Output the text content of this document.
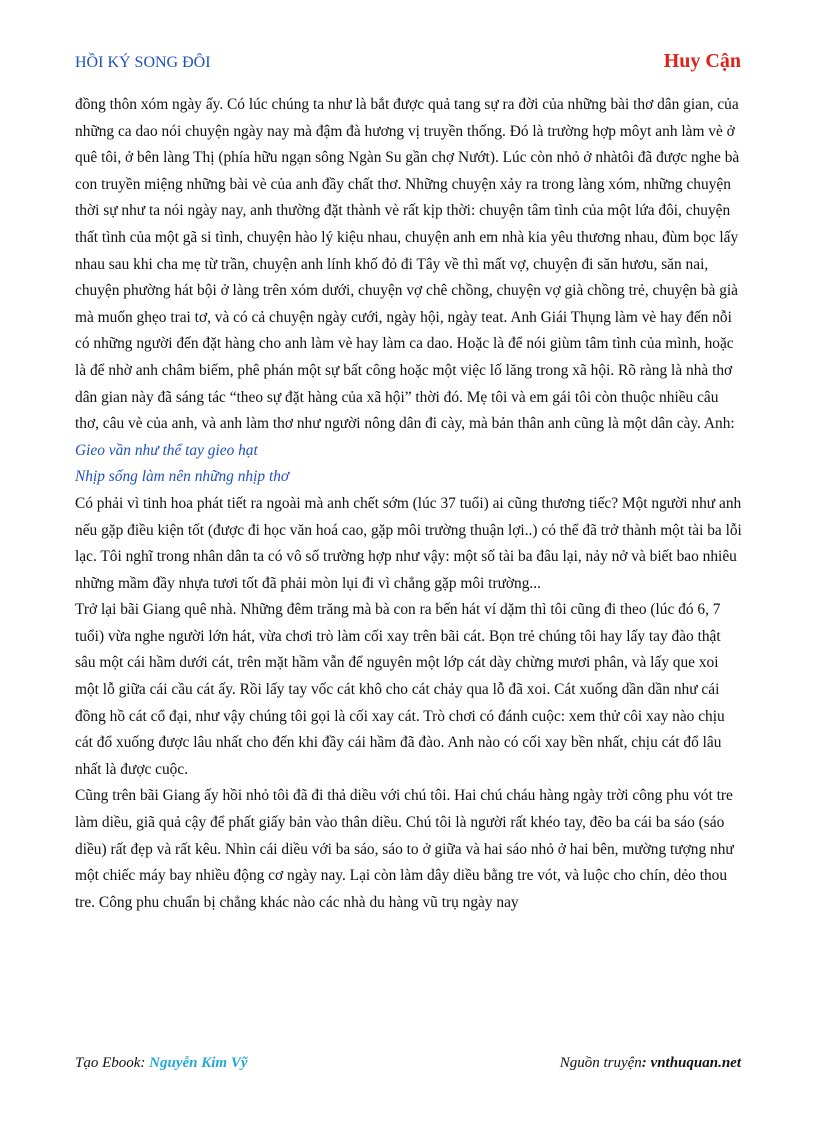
HỒI KÝ SONG ĐÔI	Huy Cận

đồng thôn xóm ngày ấy. Có lúc chúng ta như là bắt được quả tang sự ra đời của những bài thơ dân gian, của những ca dao nói chuyện ngày nay mà đậm đà hương vị truyền thống. Đó là trường hợp môyt anh làm vè ở quê tôi, ở bên làng Thị (phía hữu ngạn sông Ngàn Su gần chợ Nướt). Lúc còn nhỏ ở nhàtôi đã được nghe bà con truyền miệng những bài vè của anh đầy chất thơ. Những chuyện xảy ra trong làng xóm, những chuyện thời sự như ta nói ngày nay, anh thường đặt thành vè rất kịp thời: chuyện tâm tình của một lứa đôi, chuyện thất tình của một gã si tình, chuyện hào lý kiệu nhau, chuyện anh em nhà kia yêu thương nhau, đùm bọc lấy nhau sau khi cha mẹ từ trần, chuyện anh lính khố đỏ đi Tây về thì mất vợ, chuyện đi săn hươu, săn nai, chuyện phường hát bội ở làng trên xóm dưới, chuyện vợ chê chồng, chuyện vợ già chồng trẻ, chuyện bà già mà muốn ghẹo trai tơ, và có cả chuyện ngày cưới, ngày hội, ngày teat. Anh Giái Thụng làm vè hay đến nỗi có những người đến đặt hàng cho anh làm vè hay làm ca dao. Hoặc là để nói giùm tâm tình của mình, hoặc là để nhờ anh châm biếm, phê phán một sự bất công hoặc một việc lố lăng trong xã hội. Rõ ràng là nhà thơ dân gian này đã sáng tác “theo sự đặt hàng của xã hội” thời đó. Mẹ tôi và em gái tôi còn thuộc nhiều câu thơ, câu vè của anh, và anh làm thơ như người nông dân đi cày, mà bản thân anh cũng là một dân cày. Anh:

Gieo vần như thể tay gieo hạt

Nhịp sống làm nên những nhịp thơ

Có phải vì tinh hoa phát tiết ra ngoài mà anh chết sớm (lúc 37 tuổi) ai cũng thương tiếc? Một người như anh nếu gặp điều kiện tốt (được đi học văn hoá cao, gặp môi trường thuận lợi..) có thể đã trở thành một tài ba lỗi lạc. Tôi nghĩ trong nhân dân ta có vô số trường hợp như vậy: một số tài ba đâu lại, nảy nở và biết bao nhiêu những mầm đầy nhựa tươi tốt đã phải mòn lụi đi vì chẳng gặp môi trường...

Trở lại bãi Giang quê nhà. Những đêm trăng mà bà con ra bến hát ví dặm thì tôi cũng đi theo (lúc đó 6, 7 tuổi) vừa nghe người lớn hát, vừa chơi trò làm cối xay trên bãi cát. Bọn trẻ chúng tôi hay lấy tay đào thật sâu một cái hầm dưới cát, trên mặt hầm vẫn để nguyên một lớp cát dày chừng mươi phân, và lấy que xoi một lỗ giữa cái cầu cát ấy. Rồi lấy tay vốc cát khô cho cát chảy qua lỗ đã xoi. Cát xuống dần dần như cái đồng hồ cát cổ đại, như vậy chúng tôi gọi là cối xay cát. Trò chơi có đánh cuộc: xem thử côi xay nào chịu cát đổ xuống được lâu nhất cho đến khi đầy cái hầm đã đào. Anh nào có cối xay bền nhất, chịu cát đổ lâu nhất là được cuộc.

Cũng trên bãi Giang ấy hồi nhỏ tôi đã đi thả diều với chú tôi. Hai chú cháu hàng ngày trời công phu vót tre làm diều, giã quả cậy để phất giấy bản vào thân diều. Chú tôi là người rất khéo tay, đẽo ba cái ba sáo (sáo diều) rất đẹp và rất kêu. Nhìn cái diều với ba sáo, sáo to ở giữa và hai sáo nhỏ ở hai bên, mường tượng như một chiếc máy bay nhiều động cơ ngày nay. Lại còn làm dây diều bằng tre vót, và luộc cho chín, dẻo thou tre. Công phu chuẩn bị chẳng khác nào các nhà du hàng vũ trụ ngày nay

Tạo Ebook: Nguyễn Kim Vỹ	Nguồn truyện: vnthuquan.net
